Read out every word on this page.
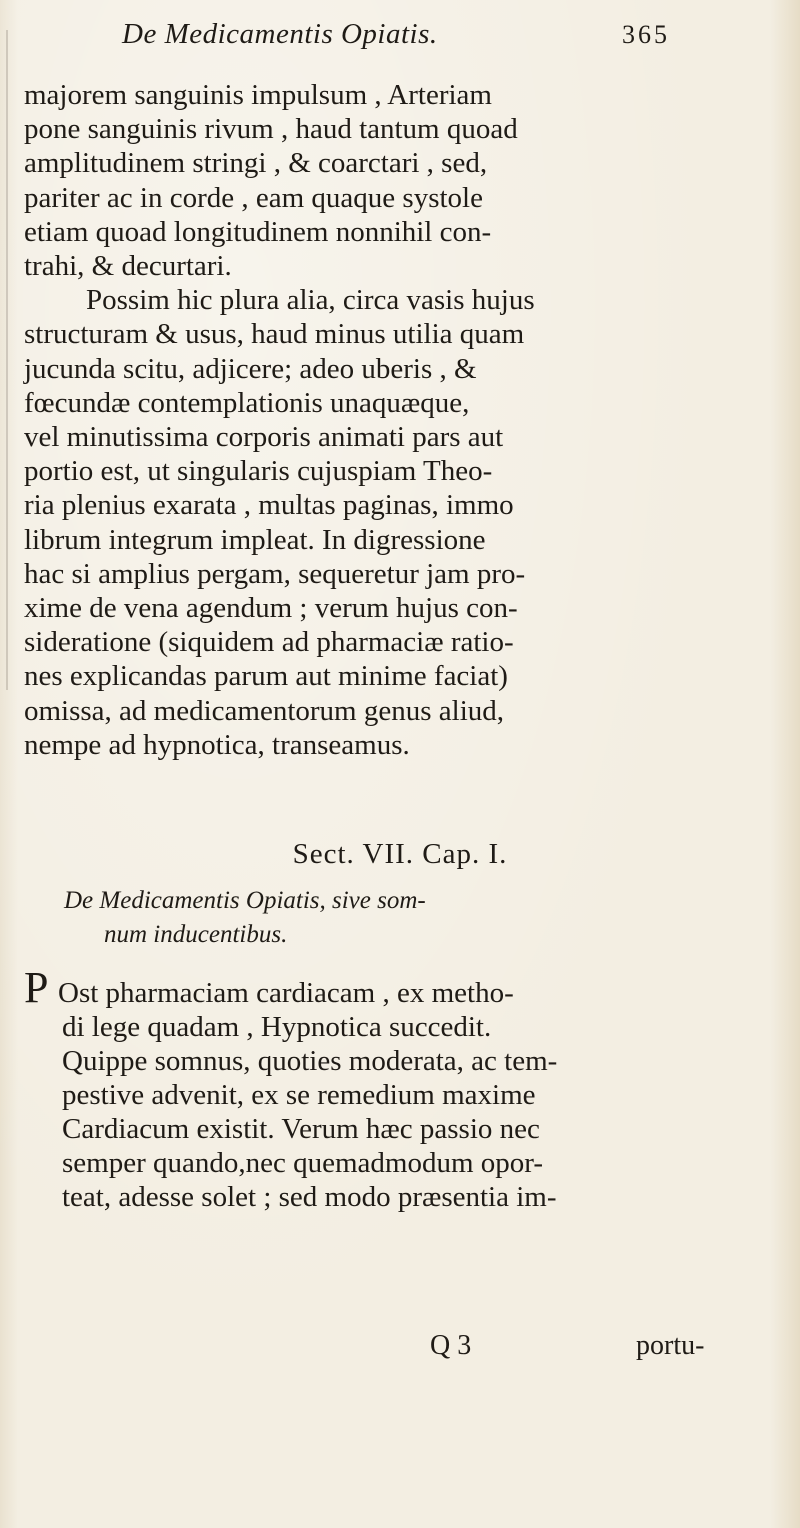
De Medicamentis Opiatis.	365
majorem sanguinis impulsum , Arteriam
pone sanguinis rivum , haud tantum quoad
amplitudinem stringi , & coarctari , sed,
pariter ac in corde , eam quaque systole
etiam quoad longitudinem nonnihil con-
trahi, & decurtari.
Possim hic plura alia, circa vasis hujus
structuram & usus, haud minus utilia quam
jucunda scitu, adjicere; adeo uberis , &
fœcundæ contemplationis unaquæque,
vel minutissima corporis animati pars aut
portio est, ut singularis cujuspiam Theo-
ria plenius exarata , multas paginas, immo
librum integrum impleat. In digressione
hac si amplius pergam, sequeretur jam pro-
xime de vena agendum ; verum hujus con-
sideratione (siquidem ad pharmaciæ ratio-
nes explicandas parum aut minime faciat)
omissa, ad medicamentorum genus aliud,
nempe ad hypnotica, transeamus.
Sect. VII. Cap. I.
De Medicamentis Opiatis, sive som-
num inducentibus.
P Ost pharmaciam cardiacam , ex metho-
di lege quadam , Hypnotica succedit.
Quippe somnus, quoties moderata, ac tem-
pestive advenit, ex se remedium maxime
Cardiacum existit. Verum hæc passio nec
semper quando,nec quemadmodum opor-
teat, adesse solet ; sed modo præsentia im-
Q 3	portu-
